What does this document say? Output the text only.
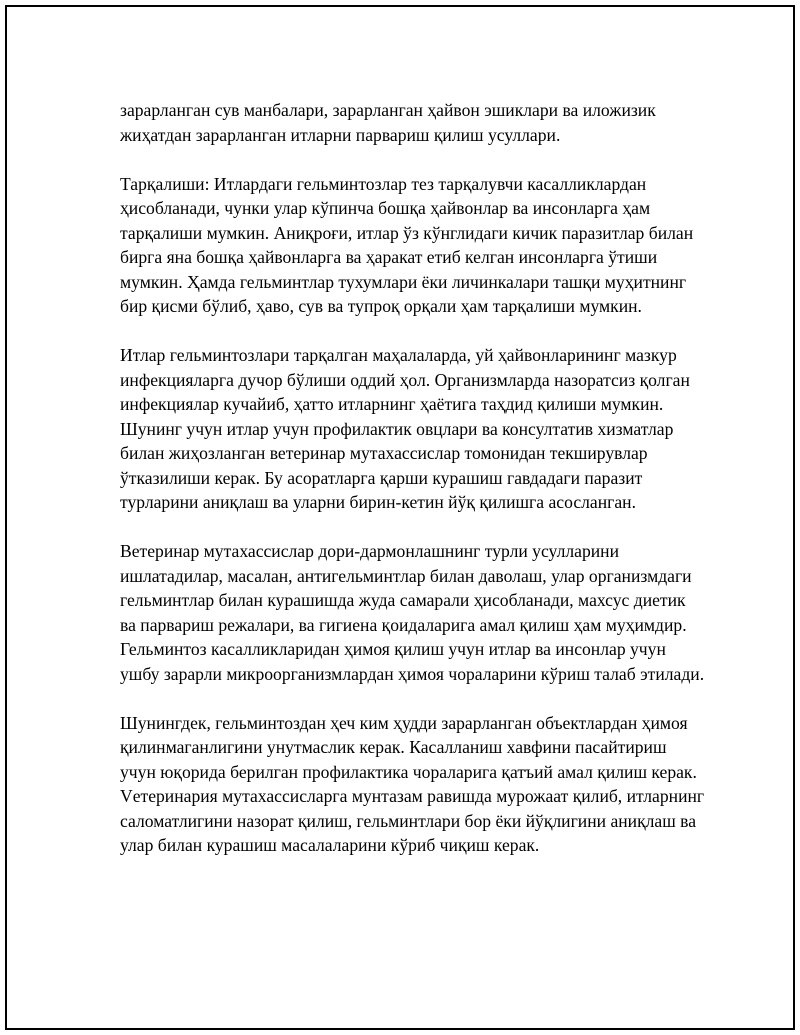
зарарланган сув манбалари, зарарланган ҳайвон эшиклари ва иложизик жиҳатдан зарарланган итларни парвариш қилиш усуллари.

Тарқалиши: Итлардаги гельминтозлар тез тарқалувчи касалликлардан ҳисобланади, чунки улар кўпинча бошқа ҳайвонлар ва инсонларга ҳам тарқалиши мумкин. Аниқроғи, итлар ўз кўнглидаги кичик паразитлар билан бирга яна бошқа ҳайвонларга ва ҳаракат етиб келган инсонларга ўтиши мумкин. Ҳамда гельминтлар тухумлари ёки личинкалари ташқи муҳитнинг бир қисми бўлиб, ҳаво, сув ва тупроқ орқали ҳам тарқалиши мумкин.

Итлар гельминтозлари тарқалган маҳалаларда, уй ҳайвонларининг мазкур инфекцияларга дучор бўлиши оддий ҳол. Организмларда назоратсиз қолган инфекциялар кучайиб, ҳатто итларнинг ҳаётига таҳдид қилиши мумкин. Шунинг учун итлар учун профилактик овцлари ва консултатив хизматлар билан жиҳозланган ветеринар мутахассислар томонидан текширувлар ўтказилиши керак. Бу асоратларга қарши курашиш гавдадаги паразит турларини аниқлаш ва уларни бирин-кетин йўқ қилишга асосланган.

Ветеринар мутахассислар дори-дармонлашнинг турли усулларини ишлатадилар, масалан, антигельминтлар билан даволаш, улар организмдаги гельминтлар билан курашишда жуда самарали ҳисобланади, махсус диетик ва парвариш режалари, ва гигиена қоидаларига амал қилиш ҳам муҳимдир. Гельминтоз касалликларидан ҳимоя қилиш учун итлар ва инсонлар учун ушбу зарарли микроорганизмлардан ҳимоя чораларини кўриш талаб этилади.

Шунингдек, гельминтоздан ҳеч ким ҳудди зарарланган объектлардан ҳимоя қилинмаганлигини унутмаслик керак. Касалланиш хавфини пасайтириш учун юқорида берилган профилактика чораларига қатъий амал қилиш керак. Vетеринария мутахассисларга мунтазам равишда мурожаат қилиб, итларнинг саломатлигини назорат қилиш, гельминтлари бор ёки йўқлигини аниқлаш ва улар билан курашиш масалаларини кўриб чиқиш керак.
